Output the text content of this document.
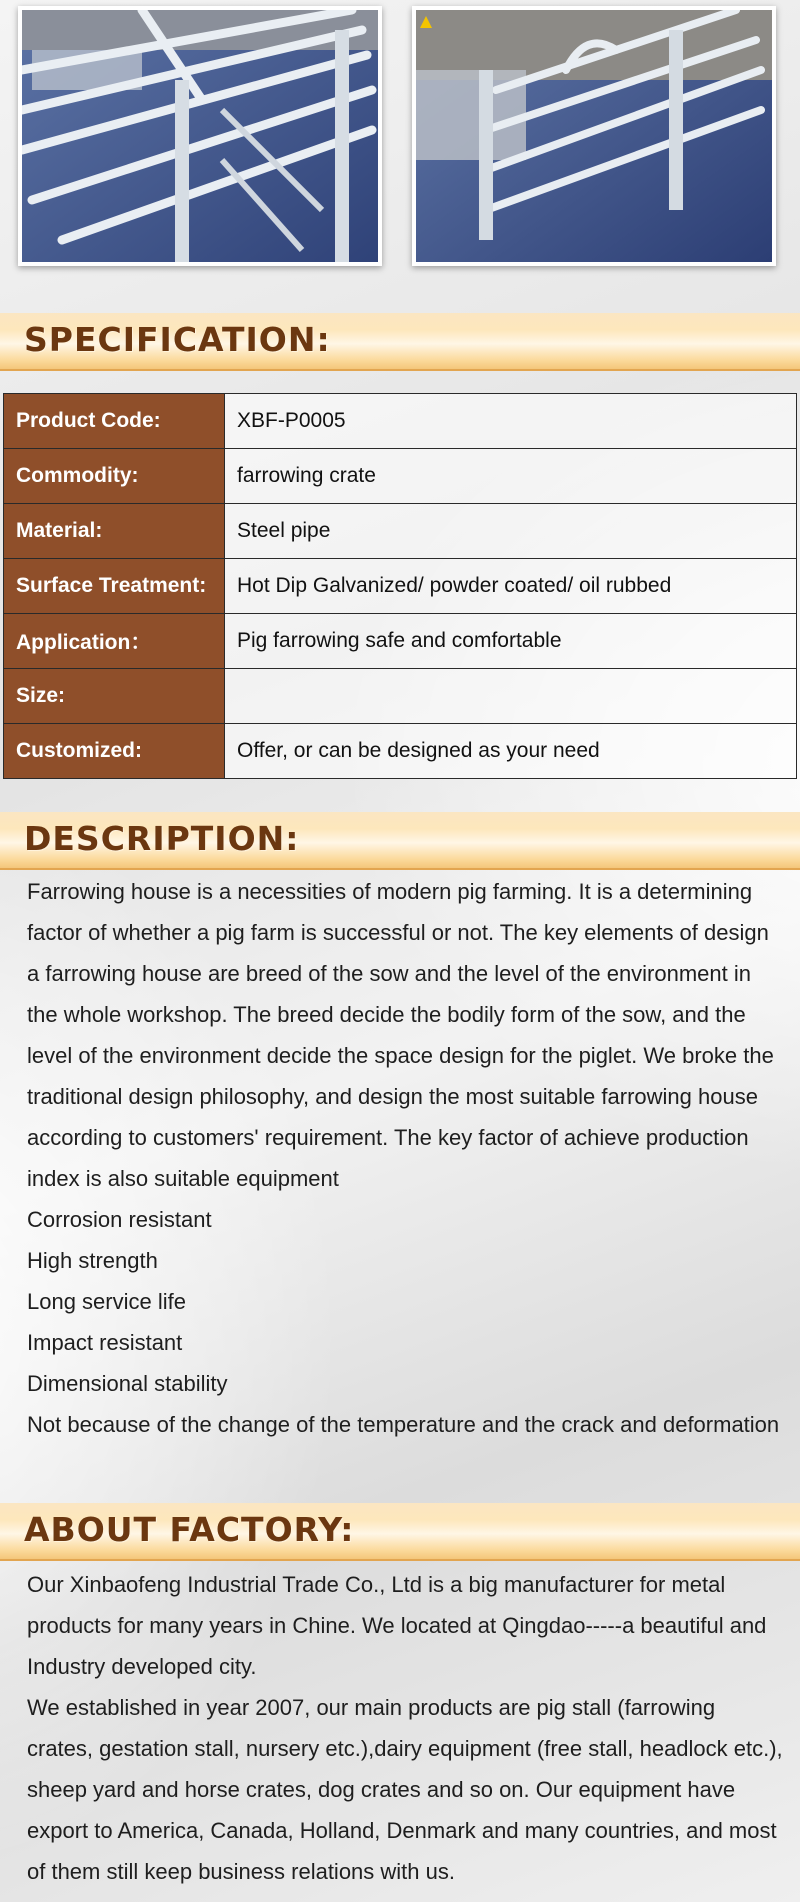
SPECIFICATION:
Product Code:	XBF-P0005
Commodity:	farrowing crate
Material:	Steel pipe
Surface Treatment:	Hot Dip Galvanized/ powder coated/ oil rubbed
Application：	Pig farrowing safe and comfortable
Size:	
Customized:	Offer, or can be designed as your need
DESCRIPTION:

Farrowing house is a necessities of modern pig farming. It is a determining factor of whether a pig farm is successful or not. The key elements of design a farrowing house are breed of the sow and the level of the environment in the whole workshop. The breed decide the bodily form of the sow, and the level of the environment decide the space design for the piglet. We broke the traditional design philosophy, and design the most suitable farrowing house according to customers' requirement. The key factor of achieve production index is also suitable equipment

Corrosion resistant

High strength

Long service life

Impact resistant

Dimensional stability

Not because of the change of the temperature and the crack and deformation

ABOUT FACTORY:

Our Xinbaofeng Industrial Trade Co., Ltd is a big manufacturer for metal products for many years in Chine. We located at Qingdao-----a beautiful and Industry developed city.

We established in year 2007, our main products are pig stall (farrowing crates, gestation stall, nursery etc.),dairy equipment (free stall, headlock etc.), sheep yard and horse crates, dog crates and so on. Our equipment have export to America, Canada, Holland, Denmark and many countries, and most of them still keep business relations with us.
